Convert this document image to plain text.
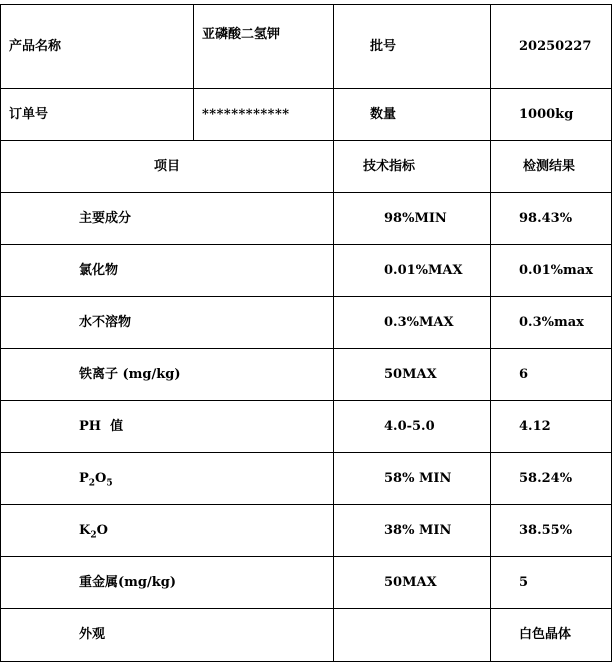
产品名称	亚磷酸二氢钾	批号	20250227
订单号	************	数量	1000kg
项目		技术指标	检测结果
主要成分		98%MIN	98.43%
氯化物		0.01%MAX	0.01%max
水不溶物		0.3%MAX	0.3%max
铁离子 (mg/kg)		50MAX	6
PH  值		4.0-5.0	4.12
$P_2O_5$		58% MIN	58.24%
$K_2O$		38% MIN	38.55%
重金属(mg/kg)		50MAX	5
外观			白色晶体
